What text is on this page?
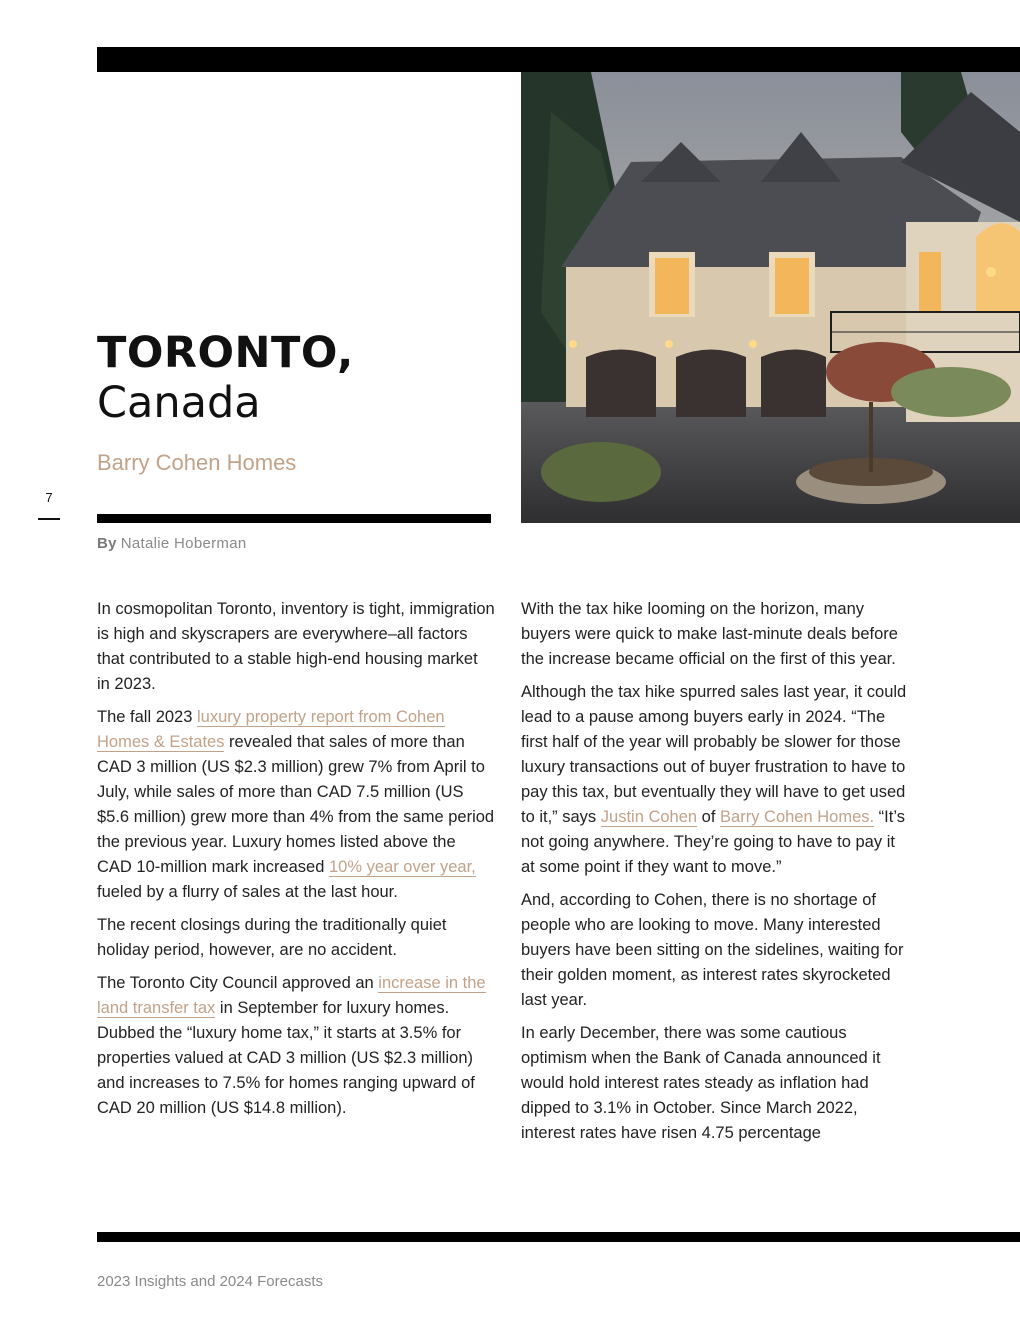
TORONTO,
Canada
Barry Cohen Homes
7
By Natalie Hoberman

In cosmopolitan Toronto, inventory is tight, immigration is high and skyscrapers are everywhere–all factors that contributed to a stable high-end housing market in 2023.

The fall 2023 luxury property report from Cohen Homes & Estates revealed that sales of more than CAD 3 million (US $2.3 million) grew 7% from April to July, while sales of more than CAD 7.5 million (US $5.6 million) grew more than 4% from the same period the previous year. Luxury homes listed above the CAD 10-million mark increased 10% year over year, fueled by a flurry of sales at the last hour.

The recent closings during the traditionally quiet holiday period, however, are no accident.

The Toronto City Council approved an increase in the land transfer tax in September for luxury homes. Dubbed the “luxury home tax,” it starts at 3.5% for properties valued at CAD 3 million (US $2.3 million) and increases to 7.5% for homes ranging upward of CAD 20 million (US $14.8 million).

With the tax hike looming on the horizon, many buyers were quick to make last-minute deals before the increase became official on the first of this year.

Although the tax hike spurred sales last year, it could lead to a pause among buyers early in 2024. “The first half of the year will probably be slower for those luxury transactions out of buyer frustration to have to pay this tax, but eventually they will have to get used to it,” says Justin Cohen of Barry Cohen Homes. “It’s not going anywhere. They’re going to have to pay it at some point if they want to move.”

And, according to Cohen, there is no shortage of people who are looking to move. Many interested buyers have been sitting on the sidelines, waiting for their golden moment, as interest rates skyrocketed last year.

In early December, there was some cautious optimism when the Bank of Canada announced it would hold interest rates steady as inflation had dipped to 3.1% in October. Since March 2022, interest rates have risen 4.75 percentage

2023 Insights and 2024 Forecasts
